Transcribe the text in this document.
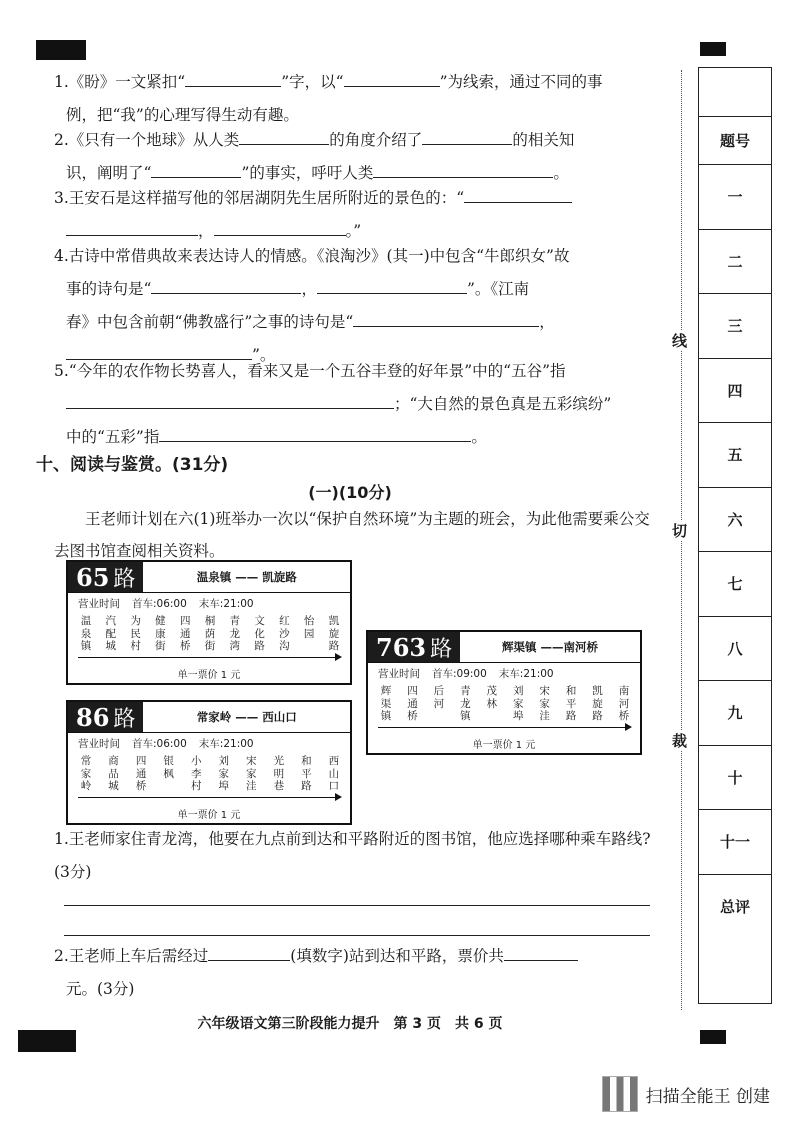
1.《盼》一文紧扣“	”字，以“	”为线索，通过不同的事
例，把“我”的心理写得生动有趣。
2.《只有一个地球》从人类	的角度介绍了	的相关知
识，阐明了“	”的事实，呼吁人类	。
3.王安石是这样描写他的邻居湖阴先生居所附近的景色的：“
，	。”
4.古诗中常借典故来表达诗人的情感。《浪淘沙》(其一)中包含“牛郎织女”故
事的诗句是“	，	”。《江南
春》中包含前朝“佛教盛行”之事的诗句是“	，
”。
5.“今年的农作物长势喜人，看来又是一个五谷丰登的好年景”中的“五谷”指
；“大自然的景色真是五彩缤纷”
中的“五彩”指	。
十、阅读与鉴赏。(31分)
(一)(10分)
王老师计划在六(1)班举办一次以“保护自然环境”为主题的班会，为此他需要乘公交去图书馆查阅相关资料。
65 路	温泉镇 —— 凯旋路
营业时间 首车:06:00 末车:21:00
温泉镇
汽配城
为民村
健康街
四通桥
桐荫街
青龙湾
文化路
红沙沟
怡园
凯旋路
单一票价 1 元
86 路	常家岭 —— 西山口
营业时间 首车:06:00 末车:21:00
常家岭
商品城
四通桥
银枫
小李村
刘家埠
宋家洼
光明巷
和平路
西山口
单一票价 1 元
763 路	辉渠镇 ——南河桥
营业时间 首车:09:00 末车:21:00
辉渠镇
四通桥
后河
青龙镇
茂林
刘家埠
宋家洼
和平路
凯旋路
南河桥
单一票价 1 元
1.王老师家住青龙湾，他要在九点前到达和平路附近的图书馆，他应选择哪种乘车路线?(3分)
2.王老师上车后需经过	(填数字)站到达和平路，票价共
元。(3分)
六年级语文第三阶段能力提升　第 3 页　共 6 页
线
切
裁
题号
一
二
三
四
五
六
七
八
九
十
十一
总评
扫描全能王 创建
